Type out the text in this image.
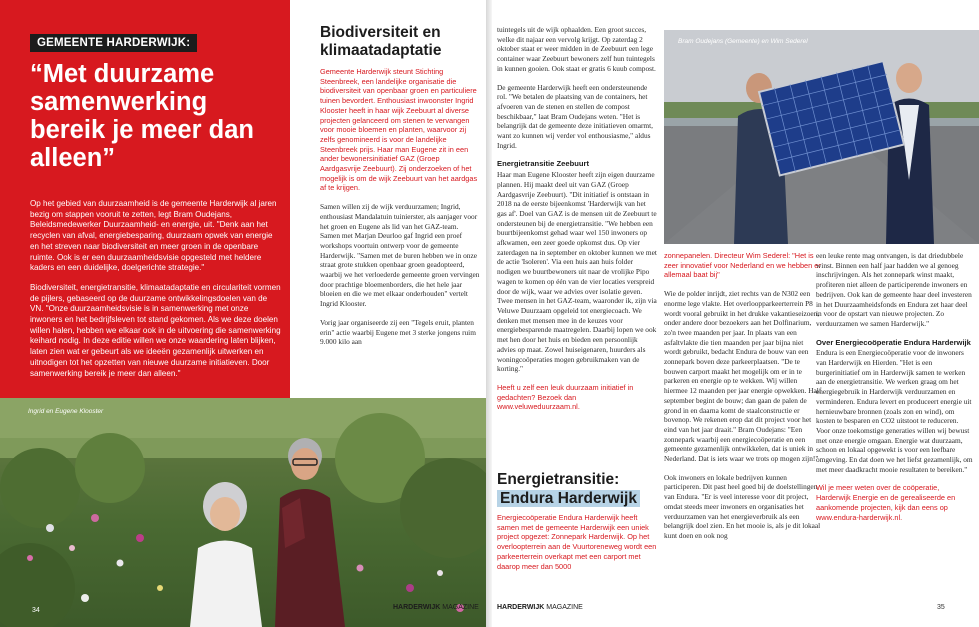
GEMEENTE HARDERWIJK:
“Met duurzame samenwerking bereik je meer dan alleen”

Op het gebied van duurzaamheid is de gemeente Harderwijk al jaren bezig om stappen vooruit te zetten, legt Bram Oudejans, Beleidsmedewerker Duurzaamheid- en energie, uit. "Denk aan het recyclen van afval, energiebesparing, duurzaam opwek van energie en het streven naar biodiversiteit en meer groen in de openbare ruimte. Ook is er een duurzaamheidsvisie opgesteld met heldere kaders en een duidelijke, doelgerichte strategie."

Biodiversiteit, energietransitie, klimaatadaptatie en circulariteit vormen de pijlers, gebaseerd op de duurzame ontwikkelingsdoelen van de VN. "Onze duurzaamheidsvisie is in samenwerking met onze inwoners en het bedrijfsleven tot stand gekomen. Als we deze doelen willen halen, hebben we elkaar ook in de uitvoering die samenwerking keihard nodig. In deze editie willen we onze waardering laten blijken, laten zien wat er gebeurt als we ideeën gezamenlijk uitwerken en uitnodigen tot het opzetten van nieuwe duurzame initiatieven. Door samenwerking bereik je meer dan alleen."

Ingrid en Eugene Klooster
34	HARDERWIJK MAGAZINE
Biodiversiteit en klimaatadaptatie

Gemeente Harderwijk steunt Stichting Steenbreek, een landelijke organisatie die biodiversiteit van openbaar groen en particuliere tuinen bevordert. Enthousiast inwoonster Ingrid Klooster heeft in haar wijk Zeebuurt al diverse projecten gelanceerd om stenen te vervangen voor mooie bloemen en planten, waarvoor zij zelfs genomineerd is voor de landelijke Steenbreek prijs. Haar man Eugene zit in een ander bewonersinitiatief GAZ (Groep Aardgasvrije Zeebuurt). Zij onderzoeken of het mogelijk is om de wijk Zeebuurt van het aardgas af te krijgen.

Samen willen zij de wijk verduurzamen; Ingrid, enthousiast Mandalatuin tuinierster, als aanjager voor het groen en Eugene als lid van het GAZ-team. Samen met Marjan Deurloo gaf Ingrid een proef workshops voortuin ontwerp voor de gemeente Harderwijk. "Samen met de buren hebben we in onze straat grote stukken openbaar groen geadopteerd, waarbij we het verloederde gemeente groen vervingen door prachtige bloemenborders, die het hele jaar bloeien en die we met elkaar onderhouden" vertelt Ingrid Klooster.

Vorig jaar organiseerde zij een "Tegels eruit, planten erin" actie waarbij Eugene met 3 sterke jongens ruim 9.000 kilo aan

tuintegels uit de wijk ophaalden. Een groot succes, welke dit najaar een vervolg krijgt. Op zaterdag 2 oktober staat er weer midden in de Zeebuurt een lege container waar Zeebuurt bewoners zelf hun tuintegels in kunnen gooien. Ook staat er gratis 6 kuub compost.

De gemeente Harderwijk heeft een ondersteunende rol. "We betalen de plaatsing van de containers, het afvoeren van de stenen en stellen de compost beschikbaar," laat Bram Oudejans weten. "Het is belangrijk dat de gemeente deze initiatieven omarmt, want zo kunnen wij verder vol enthousiasme," aldus Ingrid.

Energietransitie Zeebuurt

Haar man Eugene Klooster heeft zijn eigen duurzame plannen. Hij maakt deel uit van GAZ (Groep Aardgasvrije Zeebuurt). "Dit initiatief is ontstaan in 2018 na de eerste bijeenkomst 'Harderwijk van het gas af'. Doel van GAZ is de mensen uit de Zeebuurt te ondersteunen bij de energietransitie. "We hebben een buurtbijeenkomst gehad waar wel 150 inwoners op afkwamen, een zeer goede opkomst dus. Op vier zaterdagen na in september en oktober kunnen we met de actie 'Isoleren'. Via een huis aan huis folder nodigen we buurtbewoners uit naar de vrolijke Pipo wagen te komen op één van de vier locaties verspreid door de wijk, waar we advies over isolatie geven. Twee mensen in het GAZ-team, waaronder ik, zijn via Veluwe Duurzaam opgeleid tot energiecoach. We denken met mensen mee in de keuzes voor energiebesparende maatregelen. Daarbij lopen we ook met hen door het huis en bieden een persoonlijk advies op maat. Zowel huiseigenaren, huurders als woningcoöperaties mogen gebruikmaken van de korting."

Heeft u zelf een leuk duurzaam initiatief in gedachten? Bezoek dan www.veluweduurzaam.nl.

Energietransitie:
Endura Harderwijk

Energiecoöperatie Endura Harderwijk heeft samen met de gemeente Harderwijk een uniek project opgezet: Zonnepark Harderwijk. Op het overloopterrein aan de Vuurtoreneweg wordt een parkeerterrein overkapt met een carport met daarop meer dan 5000

Bram Oudejans (Gemeente) en Wim Sederel

zonnepanelen. Directeur Wim Sederel: "Het is zeer innovatief voor Nederland en we hebben er allemaal baat bij"

Wie de polder inrijdt, ziet rechts van de N302 een enorme lege vlakte. Het overloopparkeerterrein P8 wordt vooral gebruikt in het drukke vakantieseizoen, onder andere door bezoekers aan het Dolfinarium, zo'n twee maanden per jaar. In plaats van een asfaltvlakte die tien maanden per jaar bijna niet wordt gebruikt, bedacht Endura de bouw van een zonnepark boven deze parkeerplaatsen. "De te bouwen carport maakt het mogelijk om er in te parkeren en energie op te wekken. Wij willen hiermee 12 maanden per jaar energie opwekken. Half september begint de bouw; dan gaan de palen de grond in en daarna komt de staalconstructie er bovenop. We rekenen erop dat dit project voor het eind van het jaar draait." Bram Oudejans: "Een zonnepark waarbij een energiecoöperatie en een gemeente gezamenlijk ontwikkelen, dat is uniek in Nederland. Dat is iets waar we trots op mogen zijn!"

Ook inwoners en lokale bedrijven kunnen participeren. Dit past heel goed bij de doelstellingen van Endura. "Er is veel interesse voor dit project, omdat steeds meer inwoners en organisaties het verduurzamen van het energieverbruik als een belangrijk doel zien. En het mooie is, als je dit lokaal kunt doen en ook nog

een leuke rente mag ontvangen, is dat driedubbele winst. Binnen een half jaar hadden we al genoeg inschrijvingen. Als het zonnepark winst maakt, profiteren niet alleen de participerende inwoners en bedrijven. Ook kan de gemeente haar deel investeren in het Duurzaamheidsfonds en Endura zet haar deel in voor de opstart van nieuwe projecten. Zo verduurzamen we samen Harderwijk."

Over Energiecoöperatie Endura Harderwijk

Endura is een Energiecoöperatie voor de inwoners van Harderwijk en Hierden. "Het is een burgerinitiatief om in Harderwijk samen te werken aan de energietransitie. We werken graag om het energiegebruik in Harderwijk verduurzamen en verminderen. Endura levert en produceert energie uit hernieuwbare bronnen (zoals zon en wind), om kosten te besparen en CO2 uitstoot te reduceren. Voor onze toekomstige generaties willen wij bewust met onze energie omgaan. Energie wat duurzaam, schoon en lokaal opgewekt is voor een leefbare omgeving. En dat doen we het liefst gezamenlijk, om met meer daadkracht mooie resultaten te bereiken."

Wil je meer weten over de coöperatie, Harderwijk Energie en de gerealiseerde en aankomende projecten, kijk dan eens op www.endura-harderwijk.nl.

HARDERWIJK MAGAZINE	35
